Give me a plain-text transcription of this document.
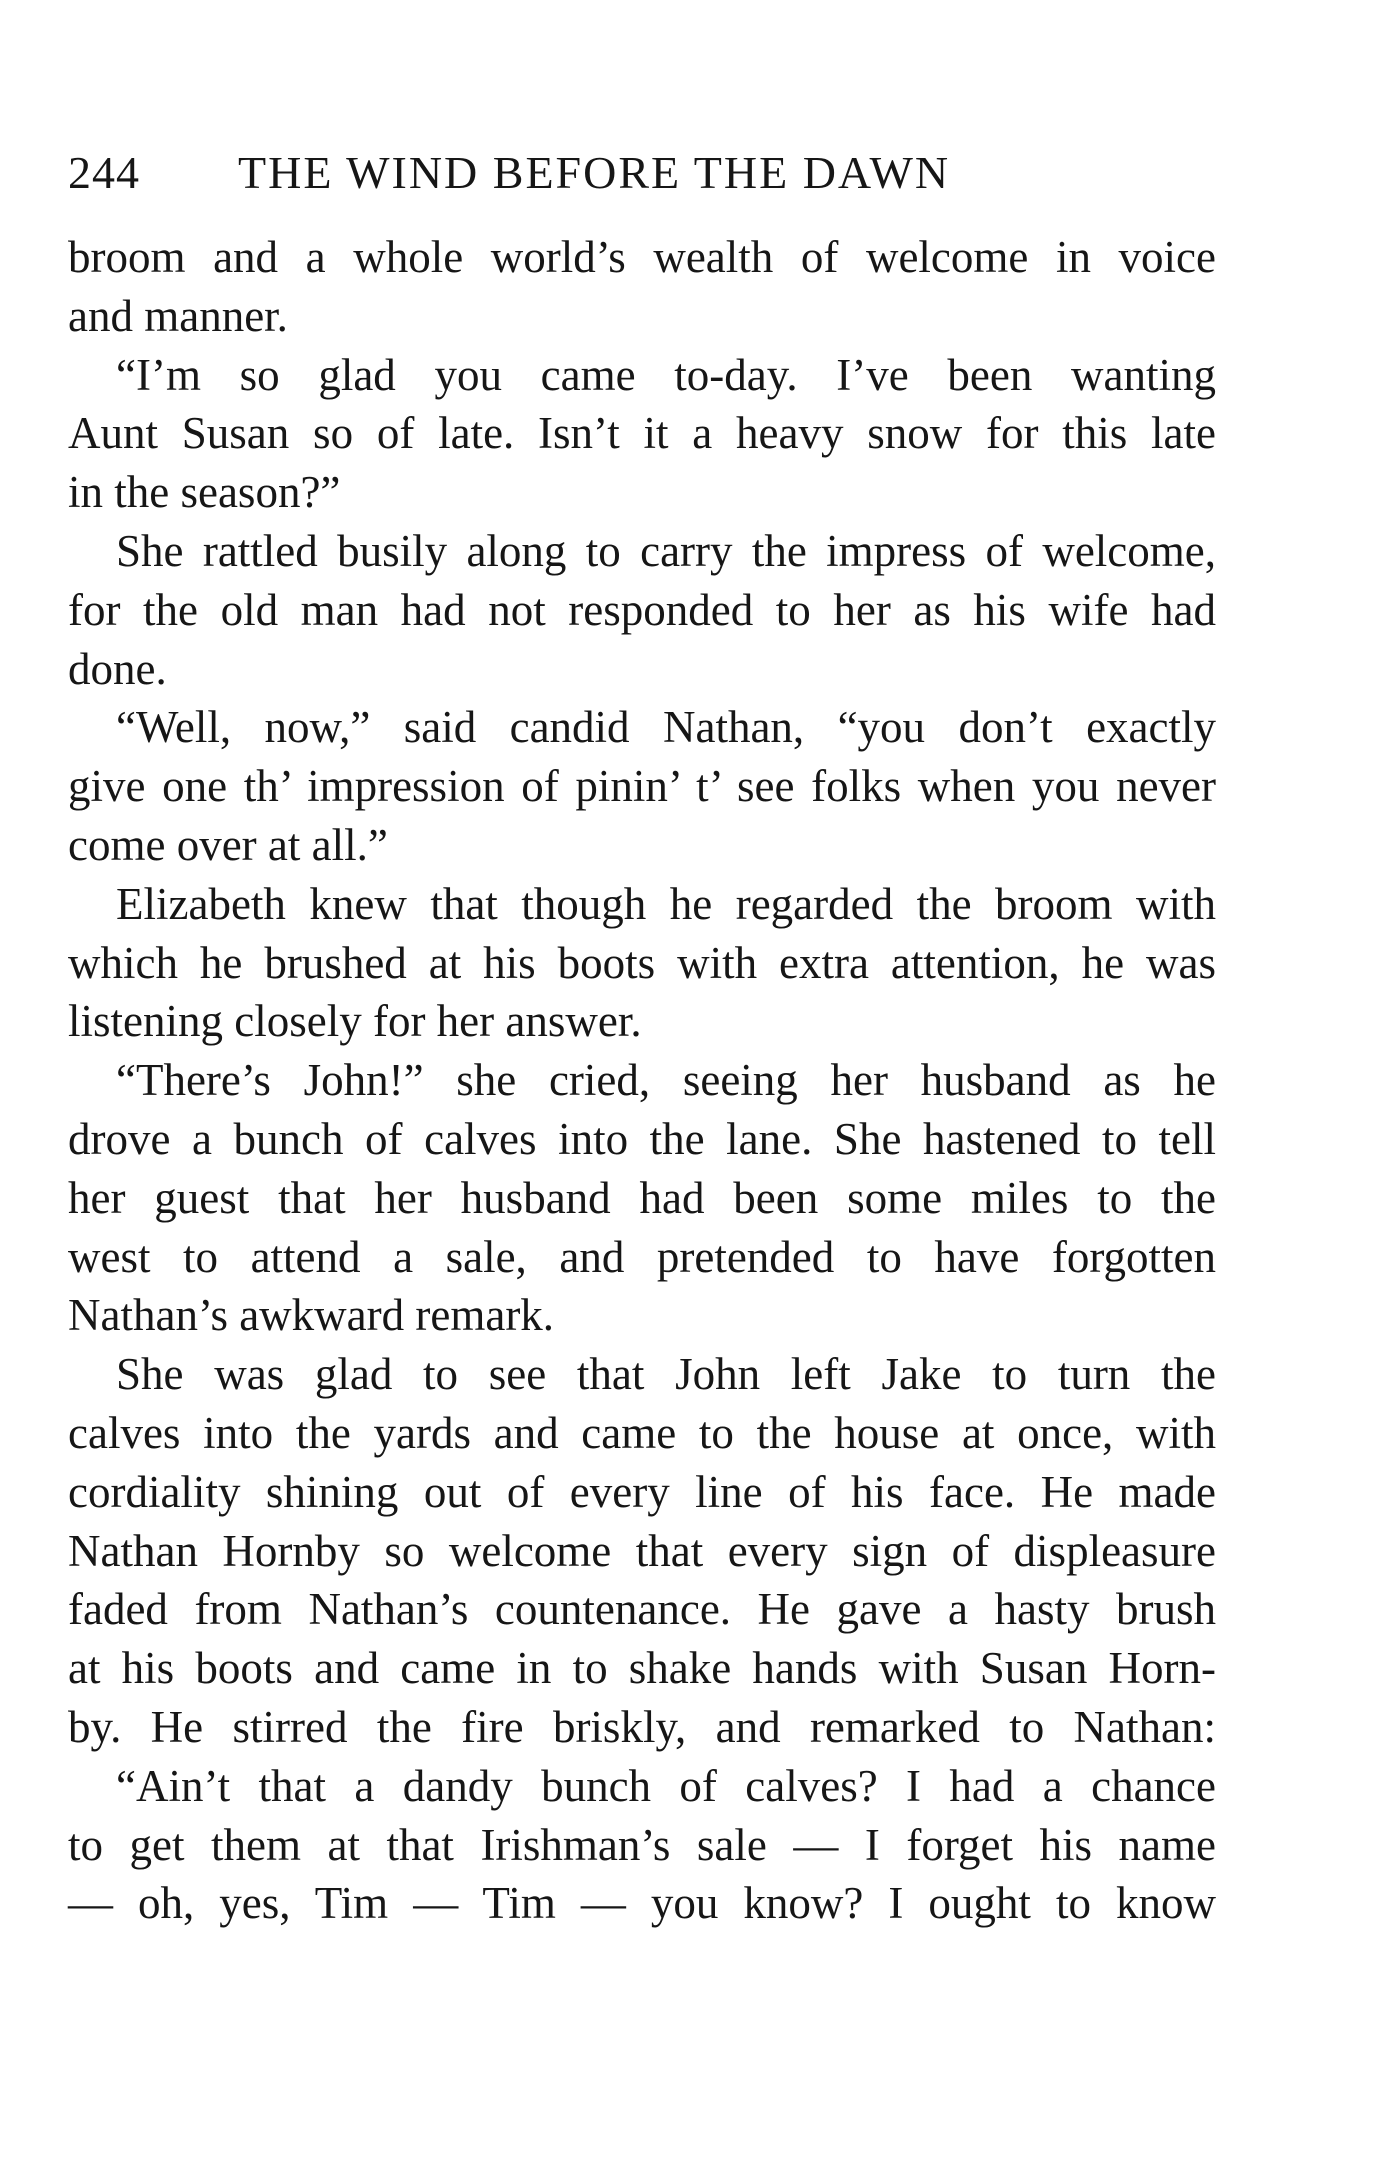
244 THE WIND BEFORE THE DAWN
broom and a whole world’s wealth of welcome in voice
and manner.
“I’m so glad you came to-day. I’ve been wanting
Aunt Susan so of late. Isn’t it a heavy snow for this late
in the season?”
She rattled busily along to carry the impress of welcome,
for the old man had not responded to her as his wife had
done.
“Well, now,” said candid Nathan, “you don’t exactly
give one th’ impression of pinin’ t’ see folks when you never
come over at all.”
Elizabeth knew that though he regarded the broom with
which he brushed at his boots with extra attention, he was
listening closely for her answer.
“There’s John!” she cried, seeing her husband as he
drove a bunch of calves into the lane. She hastened to tell
her guest that her husband had been some miles to the
west to attend a sale, and pretended to have forgotten
Nathan’s awkward remark.
She was glad to see that John left Jake to turn the
calves into the yards and came to the house at once, with
cordiality shining out of every line of his face. He made
Nathan Hornby so welcome that every sign of displeasure
faded from Nathan’s countenance. He gave a hasty brush
at his boots and came in to shake hands with Susan Horn-
by. He stirred the fire briskly, and remarked to Nathan:
“Ain’t that a dandy bunch of calves? I had a chance
to get them at that Irishman’s sale — I forget his name
— oh, yes, Tim — Tim — you know? I ought to know
